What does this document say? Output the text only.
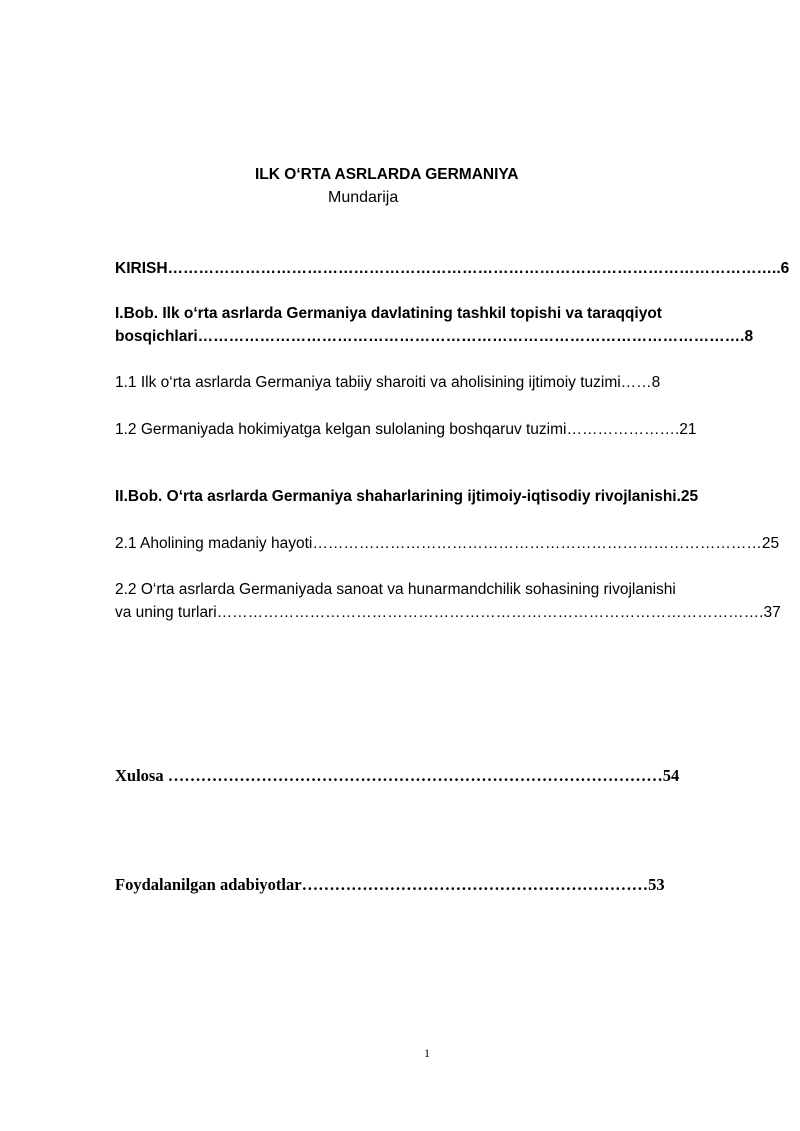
ILK O‘RTA ASRLARDA GERMANIYA

Mundarija

KIRISH………………………………………………………………………………………………………..6

I.Bob. Ilk o‘rta asrlarda Germaniya davlatining tashkil topishi va taraqqiyot

bosqichlari…………………………………………………………………………………………….8

1.1 Ilk o‘rta asrlarda Germaniya tabiiy sharoiti va aholisining ijtimoiy tuzimi……8

1.2 Germaniyada hokimiyatga kelgan sulolaning boshqaruv tuzimi………………….21

II.Bob. O‘rta asrlarda Germaniya shaharlarining ijtimoiy-iqtisodiy rivojlanishi.25

2.1 Aholining madaniy hayoti……………………………………………………………………………25

2.2 O‘rta asrlarda Germaniyada sanoat va hunarmandchilik sohasining rivojlanishi

va uning turlari…………………………………………………………………………………………….37

Xulosa ………………………………………………………………………………54

Foydalanilgan adabiyotlar………………………………………………………53

1
